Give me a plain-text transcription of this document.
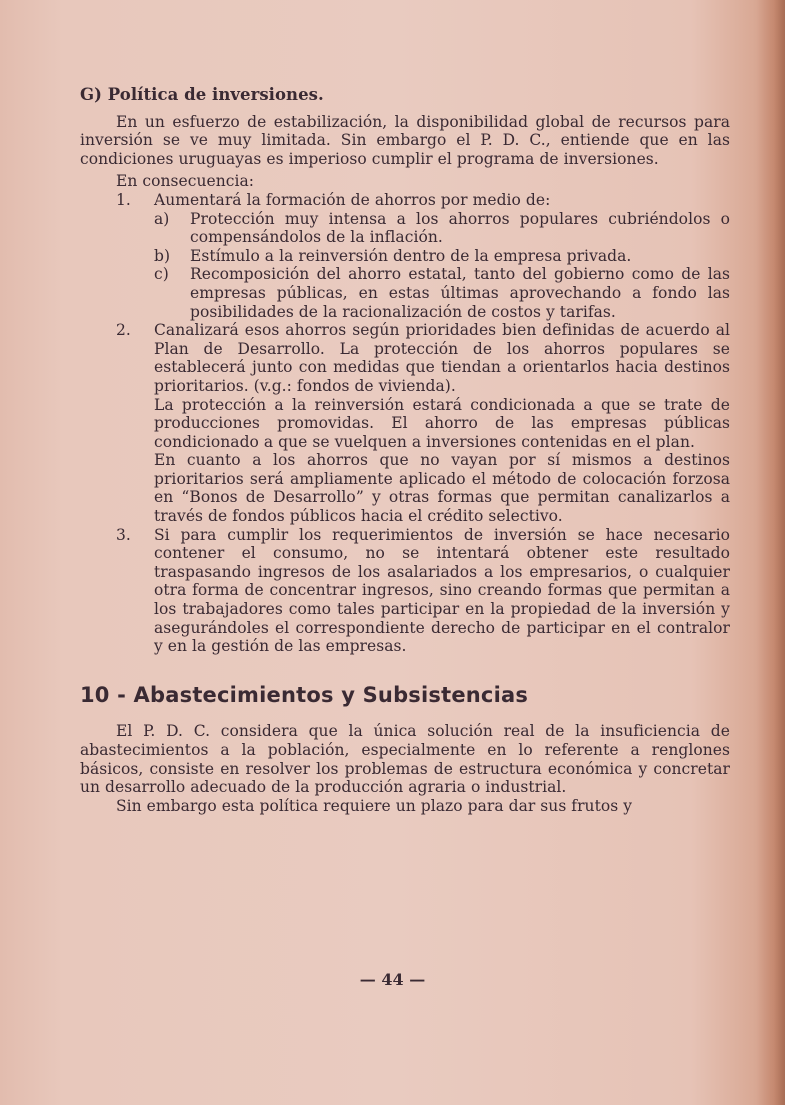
G) Política de inversiones.

En un esfuerzo de estabilización, la disponibilidad global de recursos para inversión se ve muy limitada. Sin embargo el P. D. C., entiende que en las condiciones uruguayas es imperioso cumplir el programa de inversiones.

En consecuencia:

1. Aumentará la formación de ahorros por medio de:
a) Protección muy intensa a los ahorros populares cubriéndolos o compensándolos de la inflación.
b) Estímulo a la reinversión dentro de la empresa privada.
c) Recomposición del ahorro estatal, tanto del gobierno como de las empresas públicas, en estas últimas aprovechando a fondo las posibilidades de la racionalización de costos y tarifas.
2. Canalizará esos ahorros según prioridades bien definidas de acuerdo al Plan de Desarrollo. La protección de los ahorros populares se establecerá junto con medidas que tiendan a orientarlos hacia destinos prioritarios. (v.g.: fondos de vivienda).

La protección a la reinversión estará condicionada a que se trate de producciones promovidas. El ahorro de las empresas públicas condicionado a que se vuelquen a inversiones contenidas en el plan.

En cuanto a los ahorros que no vayan por sí mismos a destinos prioritarios será ampliamente aplicado el método de colocación forzosa en “Bonos de Desarrollo” y otras formas que permitan canalizarlos a través de fondos públicos hacia el crédito selectivo.

3. Si para cumplir los requerimientos de inversión se hace necesario contener el consumo, no se intentará obtener este resultado traspasando ingresos de los asalariados a los empresarios, o cualquier otra forma de concentrar ingresos, sino creando formas que permitan a los trabajadores como tales participar en la propiedad de la inversión y asegurándoles el correspondiente derecho de participar en el contralor y en la gestión de las empresas.
10 - Abastecimientos y Subsistencias

El P. D. C. considera que la única solución real de la insuficiencia de abastecimientos a la población, especialmente en lo referente a renglones básicos, consiste en resolver los problemas de estructura económica y concretar un desarrollo adecuado de la producción agraria o industrial.

Sin embargo esta política requiere un plazo para dar sus frutos y

— 44 —
